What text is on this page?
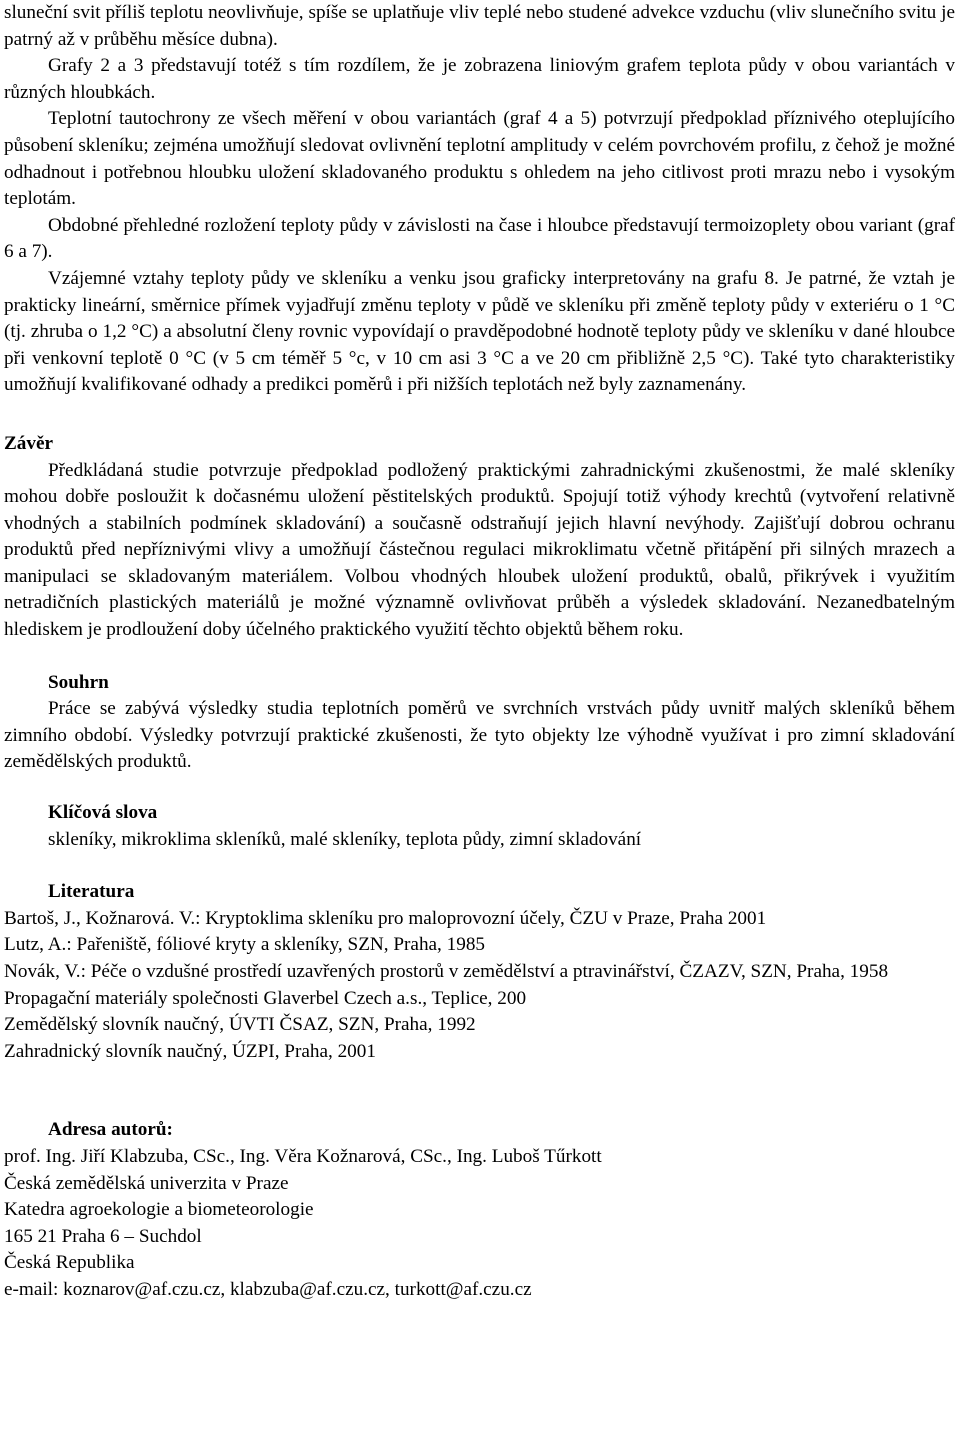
sluneční svit příliš teplotu neovlivňuje, spíše se uplatňuje vliv teplé nebo studené advekce vzduchu (vliv slunečního svitu je patrný až v průběhu měsíce dubna).

Grafy 2 a 3 představují totéž s tím rozdílem, že je zobrazena liniovým grafem teplota půdy v obou variantách v různých hloubkách.

Teplotní tautochrony ze všech měření v obou variantách (graf 4 a 5) potvrzují předpoklad příznivého oteplujícího působení skleníku; zejména umožňují sledovat ovlivnění teplotní amplitudy v celém povrchovém profilu, z čehož je možné odhadnout i potřebnou hloubku uložení skladovaného produktu s ohledem na jeho citlivost proti mrazu nebo i vysokým teplotám.

Obdobné přehledné rozložení teploty půdy v závislosti na čase i hloubce představují termoizoplety obou variant (graf 6 a 7).

Vzájemné vztahy teploty půdy ve skleníku a venku jsou graficky interpretovány na grafu 8. Je patrné, že vztah je prakticky lineární, směrnice přímek vyjadřují změnu teploty v půdě ve skleníku při změně teploty půdy v exteriéru o 1 °C (tj. zhruba o 1,2 °C) a absolutní členy rovnic vypovídají o pravděpodobné hodnotě teploty půdy ve skleníku v dané hloubce při venkovní teplotě 0 °C (v 5 cm téměř 5 °c, v 10 cm asi 3 °C a ve 20 cm přibližně 2,5 °C). Také tyto charakteristiky umožňují kvalifikované odhady a predikci poměrů i při nižších teplotách než byly zaznamenány.

Závěr

Předkládaná studie potvrzuje předpoklad podložený praktickými zahradnickými zkušenostmi, že malé skleníky mohou dobře posloužit k dočasnému uložení pěstitelských produktů. Spojují totiž výhody krechtů (vytvoření relativně vhodných a stabilních podmínek skladování) a současně odstraňují jejich hlavní nevýhody. Zajišťují dobrou ochranu produktů před nepříznivými vlivy a umožňují částečnou regulaci mikroklimatu včetně přitápění při silných mrazech a manipulaci se skladovaným materiálem. Volbou vhodných hloubek uložení produktů, obalů, přikrývek i využitím netradičních plastických materiálů je možné významně ovlivňovat průběh a výsledek skladování. Nezanedbatelným hlediskem je prodloužení doby účelného praktického využití těchto objektů během roku.

Souhrn

Práce se zabývá výsledky studia teplotních poměrů ve svrchních vrstvách půdy uvnitř malých skleníků během zimního období. Výsledky potvrzují praktické zkušenosti, že tyto objekty lze výhodně využívat i pro zimní skladování zemědělských produktů.

Klíčová slova

skleníky, mikroklima skleníků, malé skleníky, teplota půdy, zimní skladování

Literatura

Bartoš, J., Kožnarová. V.: Kryptoklima skleníku pro maloprovozní účely, ČZU v Praze, Praha 2001

Lutz, A.: Pařeniště, fóliové kryty a skleníky, SZN, Praha, 1985

Novák, V.: Péče o vzdušné prostředí uzavřených prostorů v zemědělství a ptravinářství, ČZAZV, SZN, Praha, 1958

Propagační materiály společnosti Glaverbel Czech a.s., Teplice, 200

Zemědělský slovník naučný, ÚVTI ČSAZ, SZN, Praha, 1992

Zahradnický slovník naučný, ÚZPI, Praha, 2001

Adresa autorů:

prof. Ing. Jiří Klabzuba, CSc., Ing. Věra Kožnarová, CSc., Ing. Luboš Tűrkott

Česká zemědělská univerzita v Praze

Katedra agroekologie a biometeorologie

165 21 Praha 6 – Suchdol

Česká Republika

e-mail: koznarov@af.czu.cz, klabzuba@af.czu.cz, turkott@af.czu.cz
